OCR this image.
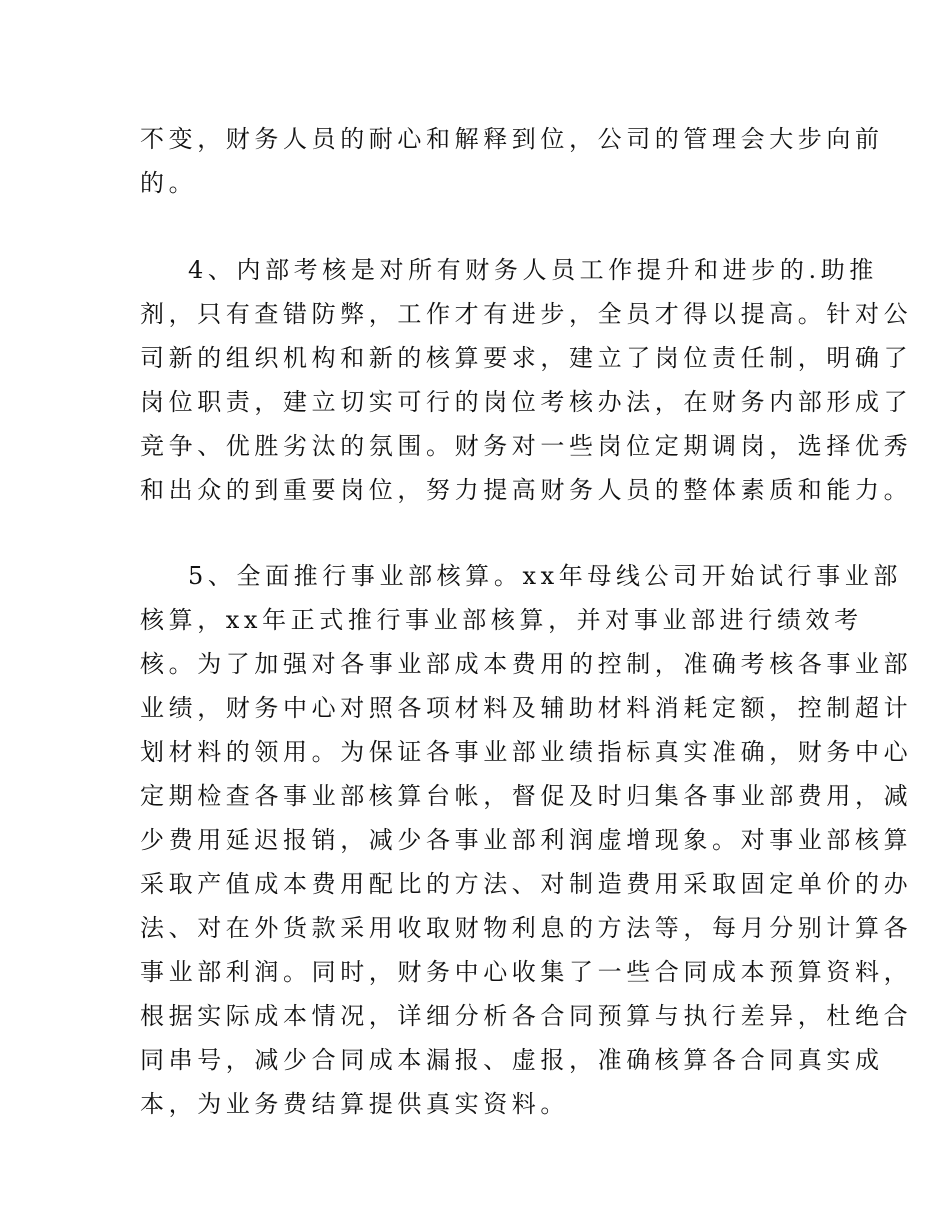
不变，财务人员的耐心和解释到位，公司的管理会大步向前
的。
4、内部考核是对所有财务人员工作提升和进步的.助推
剂，只有查错防弊，工作才有进步，全员才得以提高。针对公
司新的组织机构和新的核算要求，建立了岗位责任制，明确了
岗位职责，建立切实可行的岗位考核办法，在财务内部形成了
竞争、优胜劣汰的氛围。财务对一些岗位定期调岗，选择优秀
和出众的到重要岗位，努力提高财务人员的整体素质和能力。
5、全面推行事业部核算。xx年母线公司开始试行事业部
核算，xx年正式推行事业部核算，并对事业部进行绩效考
核。为了加强对各事业部成本费用的控制，准确考核各事业部
业绩，财务中心对照各项材料及辅助材料消耗定额，控制超计
划材料的领用。为保证各事业部业绩指标真实准确，财务中心
定期检查各事业部核算台帐，督促及时归集各事业部费用，减
少费用延迟报销，减少各事业部利润虚增现象。对事业部核算
采取产值成本费用配比的方法、对制造费用采取固定单价的办
法、对在外货款采用收取财物利息的方法等，每月分别计算各
事业部利润。同时，财务中心收集了一些合同成本预算资料，
根据实际成本情况，详细分析各合同预算与执行差异，杜绝合
同串号，减少合同成本漏报、虚报，准确核算各合同真实成
本，为业务费结算提供真实资料。
